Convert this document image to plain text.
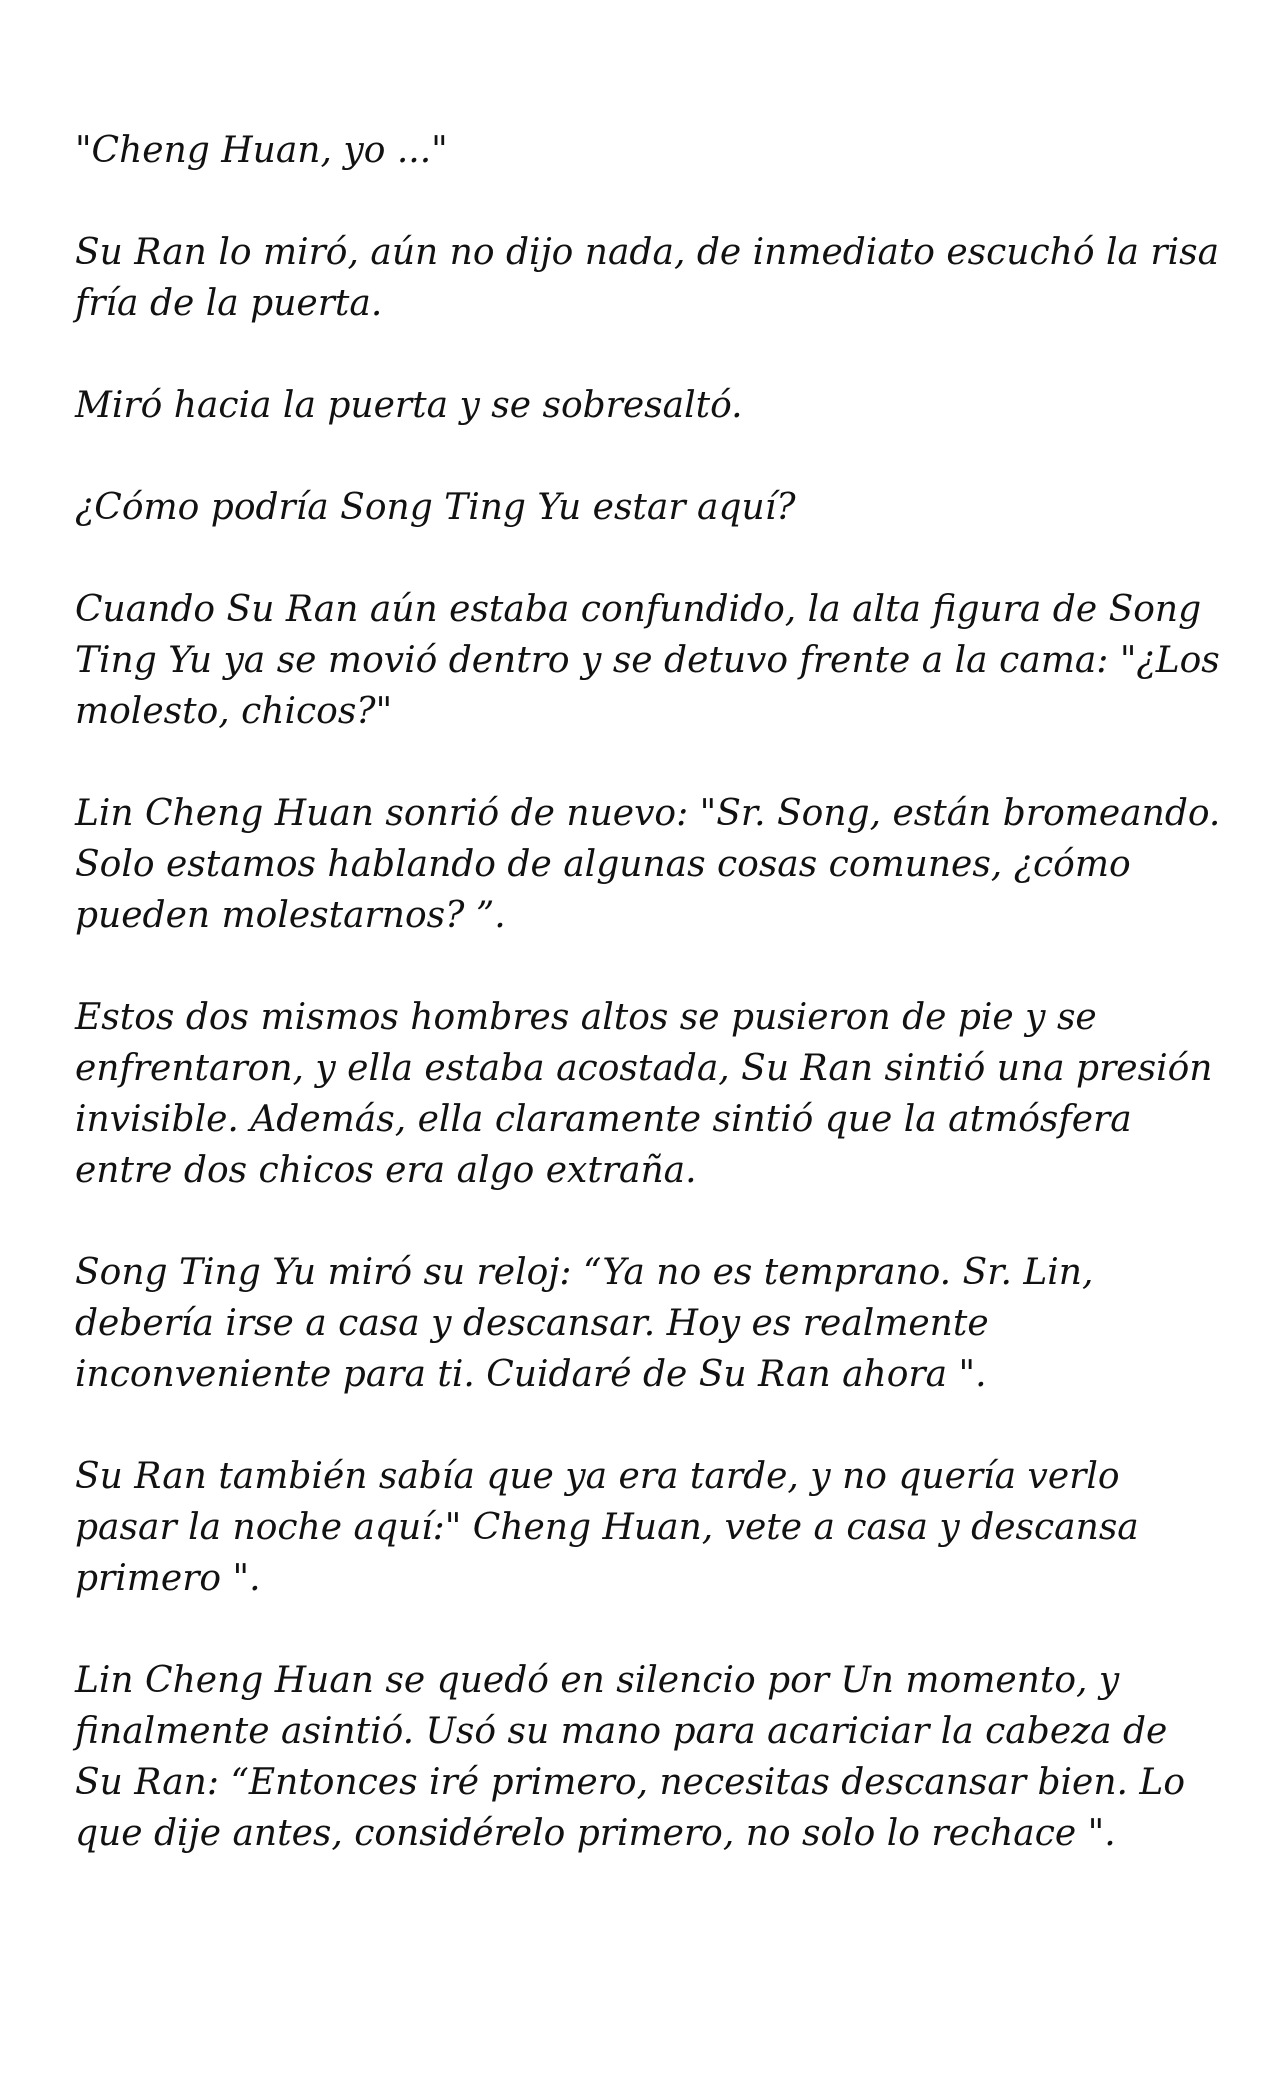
"Cheng Huan, yo ..."

Su Ran lo miró, aún no dijo nada, de inmediato escuchó la risa fría de la puerta.

Miró hacia la puerta y se sobresaltó.

¿Cómo podría Song Ting Yu estar aquí?

Cuando Su Ran aún estaba confundido, la alta figura de Song Ting Yu ya se movió dentro y se detuvo frente a la cama: "¿Los molesto, chicos?"

Lin Cheng Huan sonrió de nuevo: "Sr. Song, están bromeando. Solo estamos hablando de algunas cosas comunes, ¿cómo pueden molestarnos? ”.

Estos dos mismos hombres altos se pusieron de pie y se enfrentaron, y ella estaba acostada, Su Ran sintió una presión invisible. Además, ella claramente sintió que la atmósfera entre dos chicos era algo extraña.

Song Ting Yu miró su reloj: “Ya no es temprano. Sr. Lin, debería irse a casa y descansar. Hoy es realmente inconveniente para ti. Cuidaré de Su Ran ahora ".

Su Ran también sabía que ya era tarde, y no quería verlo pasar la noche aquí:" Cheng Huan, vete a casa y descansa primero ".

Lin Cheng Huan se quedó en silencio por Un momento, y finalmente asintió. Usó su mano para acariciar la cabeza de Su Ran: “Entonces iré primero, necesitas descansar bien. Lo que dije antes, considérelo primero, no solo lo rechace ".
